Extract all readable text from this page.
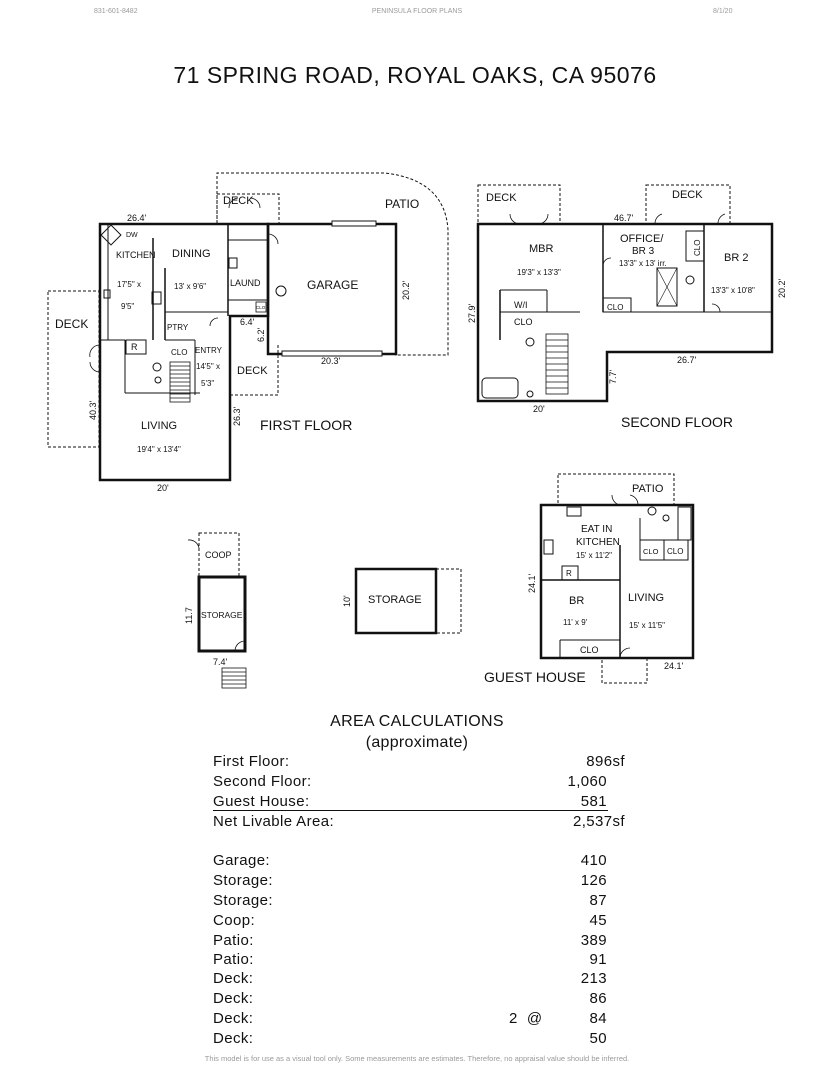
831-601-8482	PENINSULA FLOOR PLANS	8/1/20
71 SPRING ROAD, ROYAL OAKS, CA 95076
26.4'
DECK	PATIO
DW
KITCHEN
17'5" x
9'5"
DINING
13' x 9'6"	LAUND
CLO
GARAGE	20.2'
6.4'
6.2'
20.3'
DECK	PTRY
R
CLO ENTRY
14'5" x
5'3"
DECK
40.3'	26.3'
LIVING
19'4" x 13'4"
20'
FIRST FLOOR
DECK	DECK
46.7'
MBR
19'3" x 13'3"
OFFICE/
BR 3
13'3" x 13' irr.
CLO
BR 2
13'3" x 10'8" 20.2'
27.9'	W/I
CLO
CLO
26.7'
7.7'
20'
SECOND FLOOR
COOP
STORAGE
11.7
7.4'
STORAGE
10'
PATIO
EAT IN
KITCHEN
15' x 11'2"	CLO CLO
R
24.1'
BR
11' x 9'
LIVING
15' x 11'5"
CLO
24.1'
GUEST HOUSE
AREA CALCULATIONS
(approximate)
First Floor:	896sf
Second Floor:	1,060
Guest House:	581
Net Livable Area:	2,537sf
Garage:	410
Storage:	126
Storage:	87
Coop:	45
Patio:	389
Patio:	91
Deck:	213
Deck:	86
Deck:	2  @	84
Deck:	50
This model is for use as a visual tool only. Some measurements are estimates. Therefore, no appraisal value should be inferred.
